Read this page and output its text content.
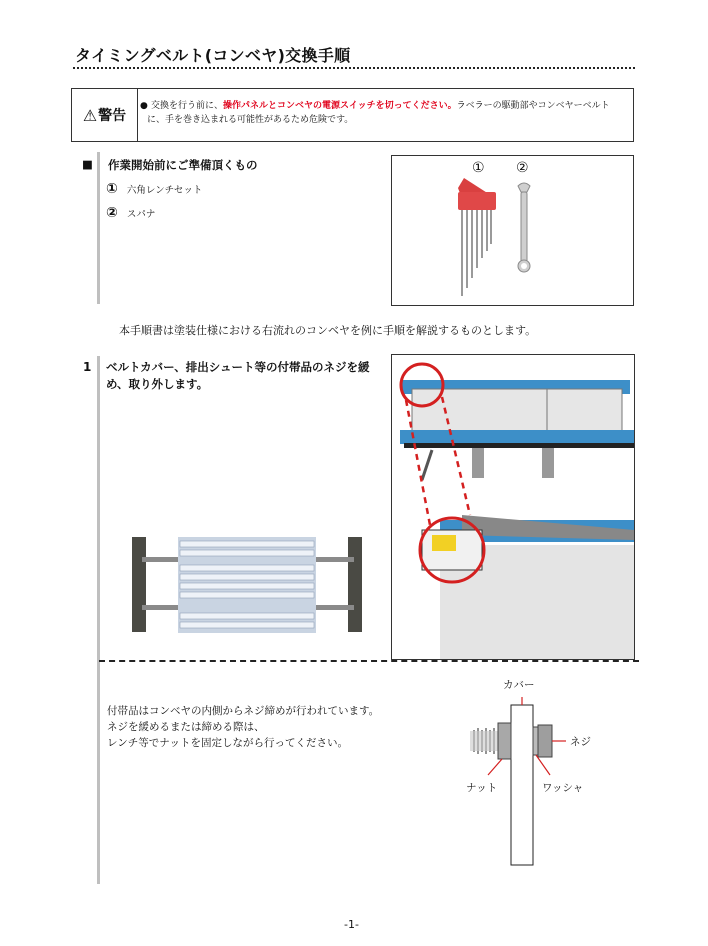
タイミングベルト(コンベヤ)交換手順
⚠ 警告
● 交換を行う前に、操作パネルとコンベヤの電源スイッチを切ってください。ラベラーの駆動部やコンベヤーベルトに、手を巻き込まれる可能性があるため危険です。
■ 作業開始前にご準備頂くもの
① 六角レンチセット
② スパナ
① ②
本手順書は塗装仕様における右流れのコンベヤを例に手順を解説するものとします。
1 ベルトカバー、排出シュート等の付帯品のネジを緩め、取り外します。
付帯品はコンベヤの内側からネジ締めが行われています。
ネジを緩めるまたは締める際は、
レンチ等でナットを固定しながら行ってください。
カバー
ネジ
ナット	ワッシャ
-1-
